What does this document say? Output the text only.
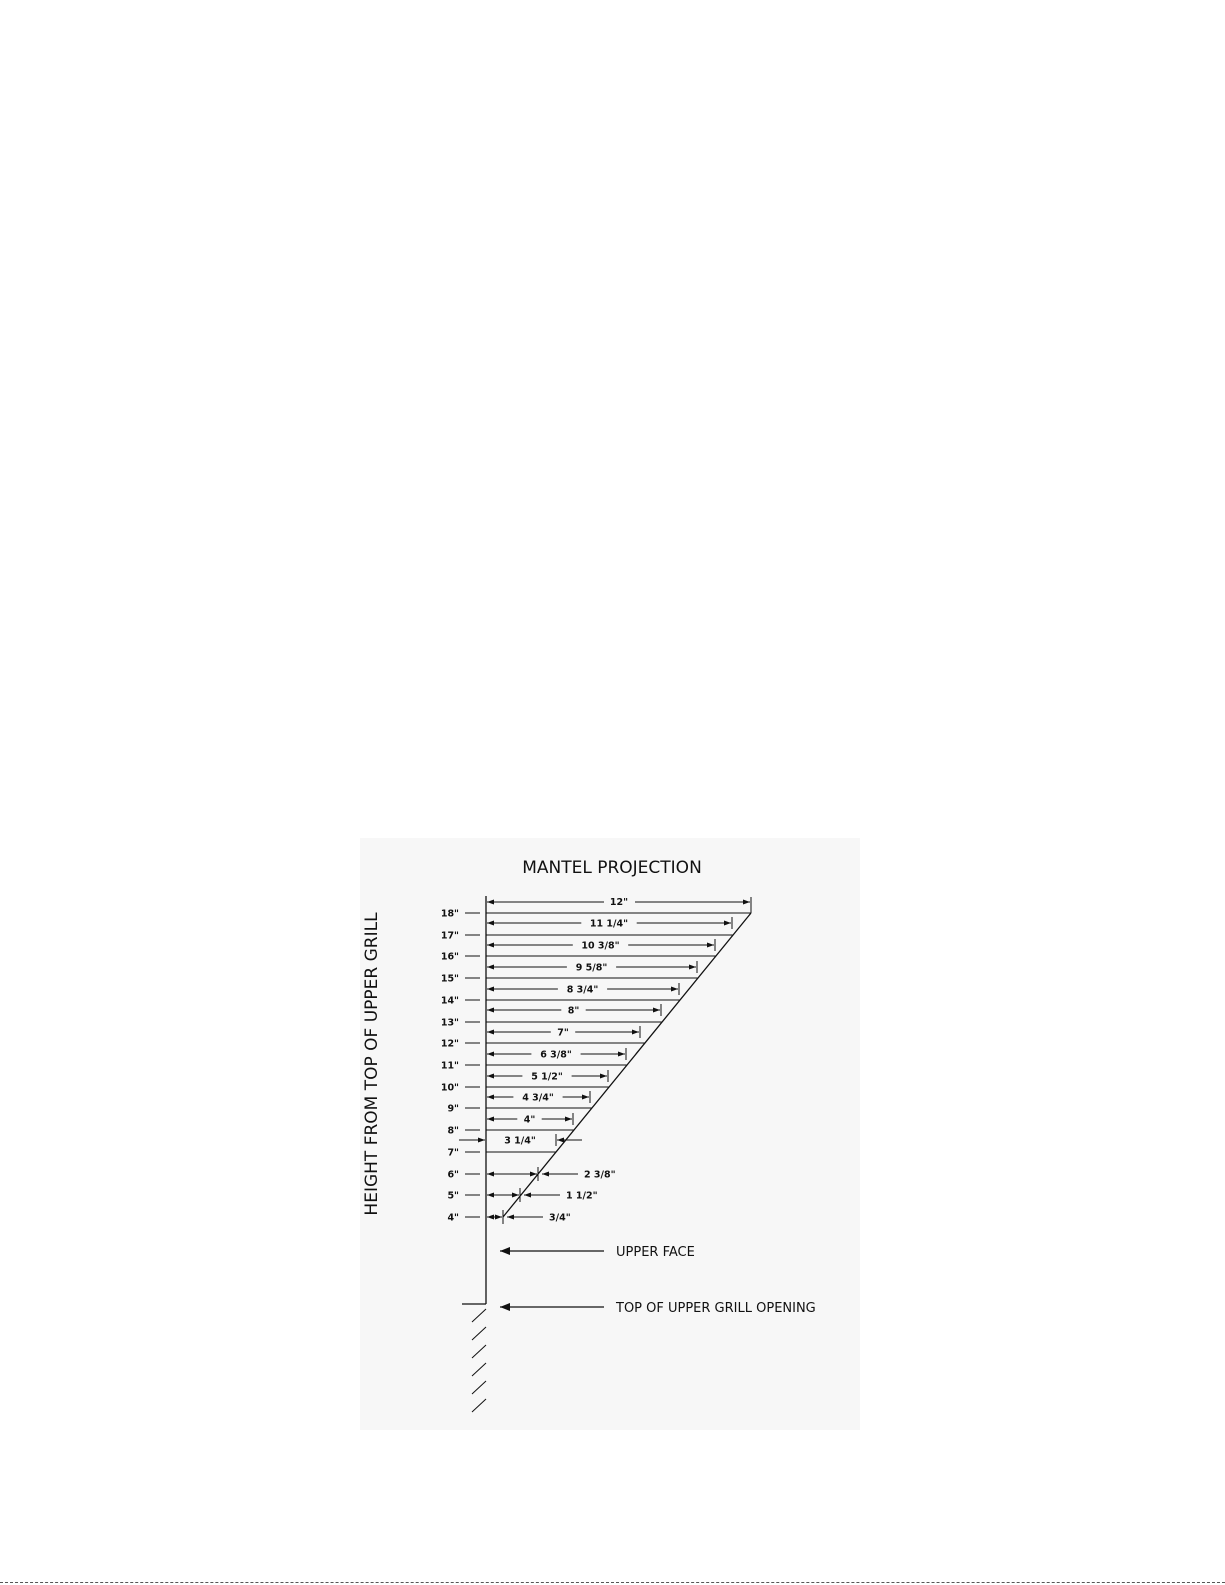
MANTEL PROJECTION
HEIGHT FROM TOP OF UPPER GRILL
12"
18"
11 1/4"
17"
10 3/8"
16"
9 5/8"
15"
8 3/4"
14"
8"
13"
7"
12"
6 3/8"
11"
5 1/2"
10"
4 3/4"
9"
4"
8"
3 1/4"
7"
6"	2 3/8"
5"	1 1/2"
4"	3/4"
UPPER FACE
TOP OF UPPER GRILL OPENING
